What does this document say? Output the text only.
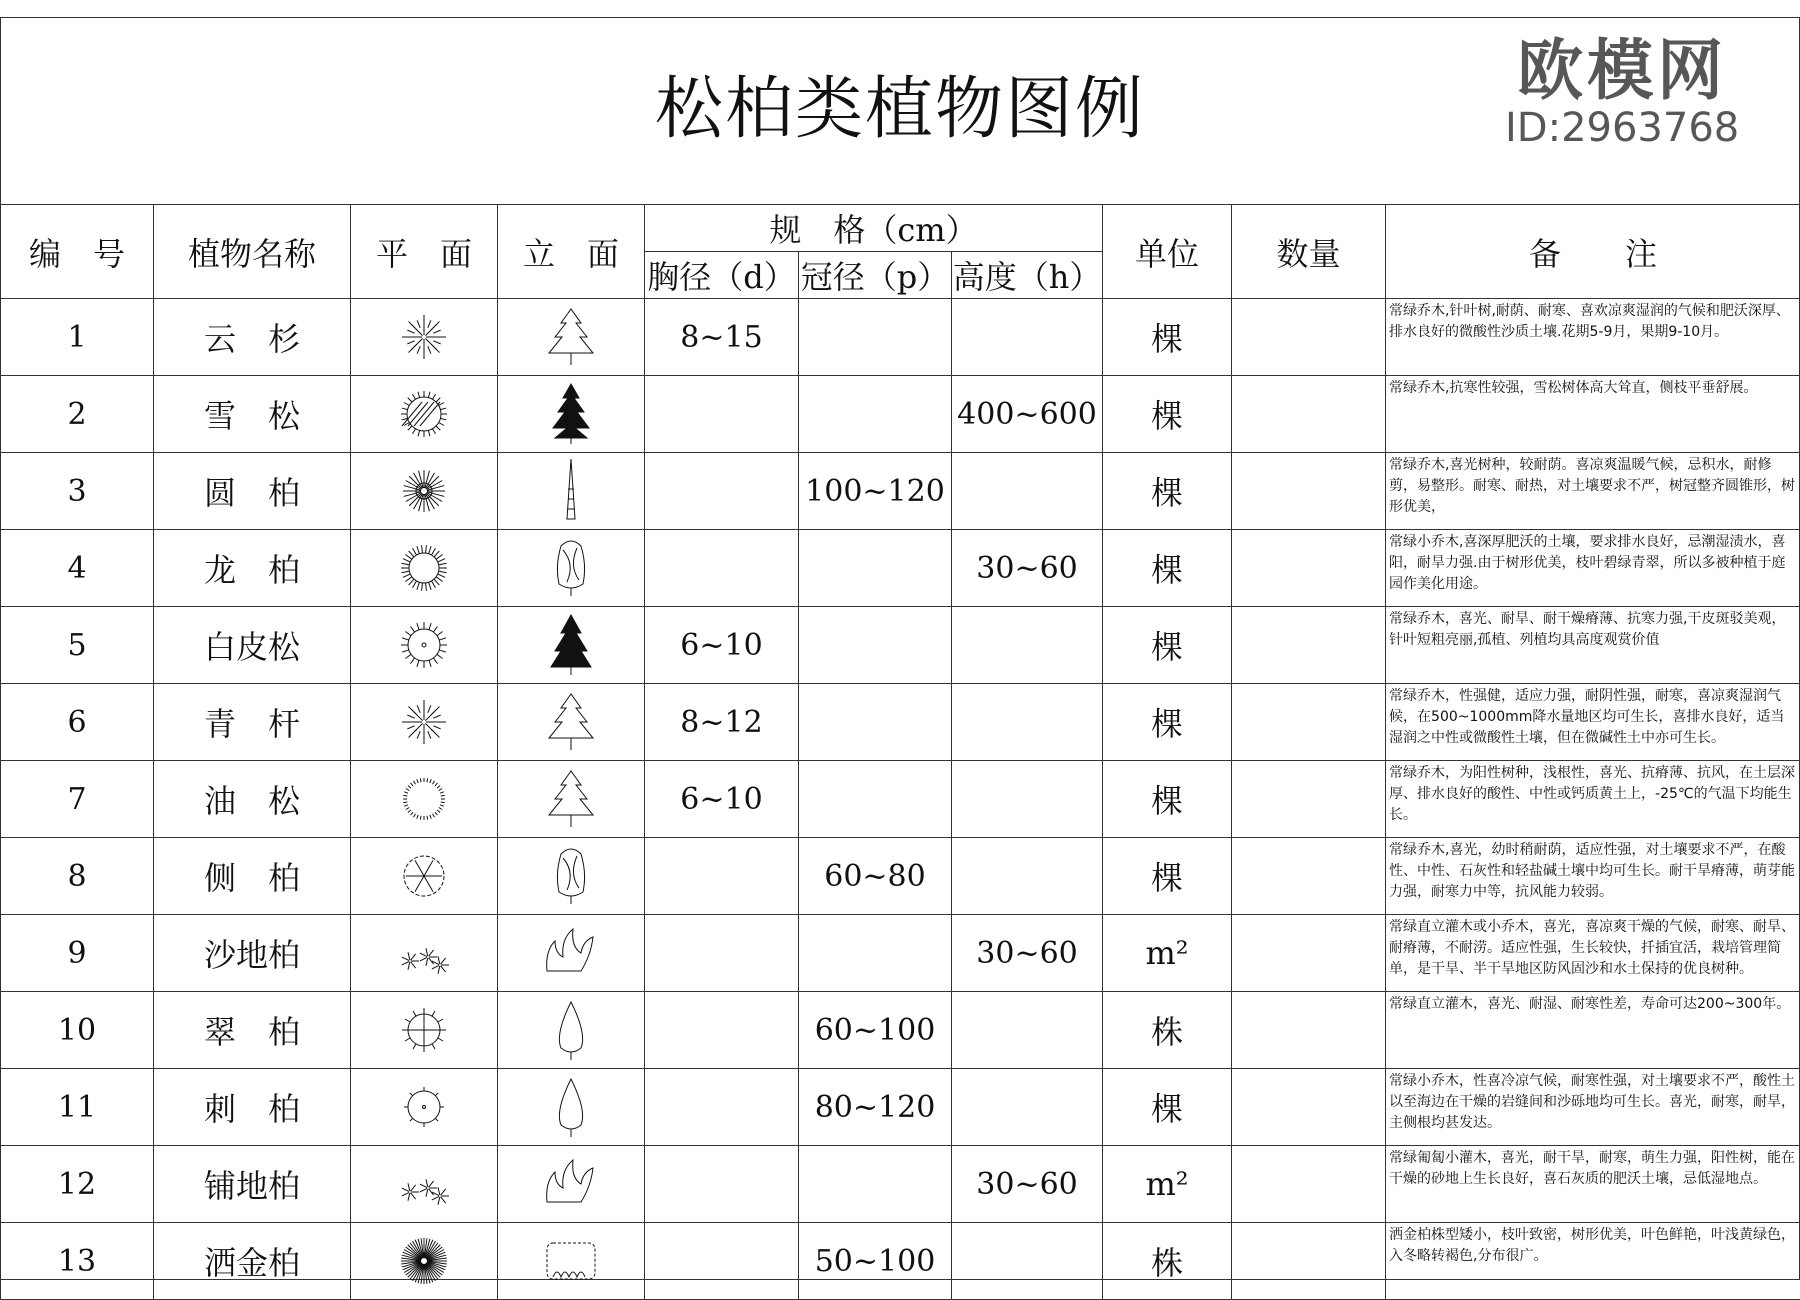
松柏类植物图例
编　号	植物名称	平　面	立　面	规　格（cm）			单位	数量	备　　注
				胸径（d）	冠径（p）	高度（h）			
1	云　杉			8~15			棵		常绿乔木,针叶树,耐荫、耐寒、喜欢凉爽湿润的气候和肥沃深厚、排水良好的微酸性沙质土壤.花期5-9月，果期9-10月。
2	雪　松					400~600	棵		常绿乔木,抗寒性较强，雪松树体高大耸直，侧枝平垂舒展。
3	圆　柏				100~120		棵		常绿乔木,喜光树种，较耐荫。喜凉爽温暖气候，忌积水，耐修剪，易整形。耐寒、耐热，对土壤要求不严，树冠整齐圆锥形，树形优美，
4	龙　柏					30~60	棵		常绿小乔木,喜深厚肥沃的土壤，要求排水良好，忌潮湿渍水，喜阳，耐旱力强.由于树形优美，枝叶碧绿青翠，所以多被种植于庭园作美化用途。
5	白皮松			6~10			棵		常绿乔木，喜光、耐旱、耐干燥瘠薄、抗寒力强,干皮斑驳美观，针叶短粗亮丽,孤植、列植均具高度观赏价值
6	青　杆			8~12			棵		常绿乔木，性强健，适应力强，耐阴性强，耐寒，喜凉爽湿润气候，在500~1000mm降水量地区均可生长，喜排水良好，适当湿润之中性或微酸性土壤，但在微碱性土中亦可生长。
7	油　松			6~10			棵		常绿乔木，为阳性树种，浅根性，喜光、抗瘠薄、抗风，在土层深厚、排水良好的酸性、中性或钙质黄土上，-25℃的气温下均能生长。
8	侧　柏				60~80		棵		常绿乔木,喜光，幼时稍耐荫，适应性强，对土壤要求不严，在酸性、中性、石灰性和轻盐碱土壤中均可生长。耐干旱瘠薄，萌芽能力强，耐寒力中等，抗风能力较弱。
9	沙地柏					30~60	m²		常绿直立灌木或小乔木，喜光，喜凉爽干燥的气候，耐寒、耐旱、耐瘠薄，不耐涝。适应性强，生长较快，扦插宜活，栽培管理简单，是干旱、半干旱地区防风固沙和水土保持的优良树种。
10	翠　柏				60~100		株		常绿直立灌木，喜光、耐湿、耐寒性差，寿命可达200~300年。
11	刺　柏				80~120		棵		常绿小乔木，性喜冷凉气候，耐寒性强，对土壤要求不严，酸性土以至海边在干燥的岩缝间和沙砾地均可生长。喜光，耐寒，耐旱，主侧根均甚发达。
12	铺地柏					30~60	m²		常绿匍匐小灌木，喜光，耐干旱，耐寒，萌生力强，阳性树，能在干燥的砂地上生长良好，喜石灰质的肥沃土壤，忌低湿地点。
13	洒金柏				50~100		株		洒金柏株型矮小，枝叶致密，树形优美，叶色鲜艳，叶浅黄绿色，入冬略转褐色,分布很广。
欧模网
ID:2963768
